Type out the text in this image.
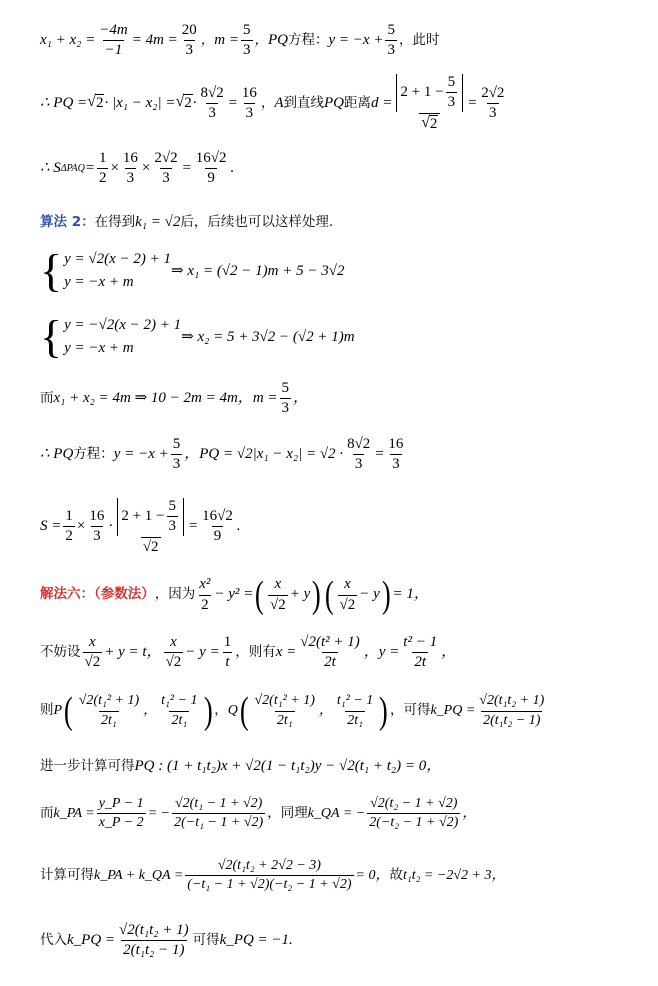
$x_1 + x_2 = \frac{-4m}{-1} = 4m = \frac{20}{3}$ ， $m = \frac{5}{3}$ ， PQ 方程： $y = -x + \frac{5}{3}$ ，此时
∴ PQ = √ 2 · |x₁ − x₂| = √ $2 \cdot \frac{8√2}{3} = \frac{16}{3}$ ， A 到直线 PQ 距离 $d = \frac{2 + 1 - \frac{5}{3}}{√ 2} = \frac{2√2}{3}$
∴ S $\Delta PAQ = \frac{1}{2} \times \frac{16}{3} \times \frac{2√2}{3} = \frac{16√2}{9}$ .
算法 2： 在得到 k₁ = √2 后，后续也可以这样处理.
{ y = √2(x − 2) + 1
y = −x + m
⇒ x₁ = (√2 − 1)m + 5 − 3√2
{ y = −√2(x − 2) + 1
y = −x + m
⇒ x₂ = 5 + 3√2 − (√2 + 1)m
而 x₁ + x₂ = 4m ⇒ 10 − 2m = 4m， $m = \frac{5}{3}$ ，
∴ PQ 方程： $y = -x + \frac{5}{3}$ ，PQ = $√2|x_1 - x_2| = √2 \cdot \frac{8√2}{3} = \frac{16}{3}$
$S = \frac{1}{2} \times \frac{16}{3} \cdot \frac{2 + 1 - \frac{5}{3}}{√2} = \frac{16√2}{9}$ .
解法六：（参数法） ，因为 $\frac{\text{x²}}{2} - y^2$ = ( $\frac{x}{√2} + y$ ) ( $\frac{x}{√2} - y$ ) = 1，
不妨设 $\frac{x}{√2} + y = t$， $\frac{x}{√2} - y = \frac{1}{t}$ ，则有 $x = \frac{\text{√2(t² + 1)}}{2t}$ ，$y = \frac{\text{t² − 1}}{2t}$ ，
则 P ( $\frac{\text{√2(t₁² + 1)}}{\text{2t₁}}$ ， $\frac{\text{t₁² − 1}}{\text{2t₁}}$ ) ， Q ( $\frac{\text{√2(t₁² + 1)}}{\text{2t₁}}$ ， $\frac{\text{t₁² − 1}}{\text{2t₁}}$ ) ，可得 k_PQ = $\frac{\text{√2(t₁t₂ + 1)}}{\text{2(t₁t₂ − 1)}}$
进一步计算可得 PQ : (1 + t₁t₂)x + √2(1 − t₁t₂)y − √2(t₁ + t₂) = 0，
而 k_PA = $\frac{y\_P - 1}{x\_P - 2}$ = − $\frac{\text{√2(t₁ − 1 + √2)}}{\text{2(−t₁ − 1 + √2)}}$ ，同理 k_QA = − $\frac{\text{√2(t₂ − 1 + √2)}}{\text{2(−t₂ − 1 + √2)}}$ ，
计算可得 k_PA + k_QA = $\frac{\text{√2(t₁t₂ + 2√2 − 3)}}{\text{(−t₁ − 1 + √2)(−t₂ − 1 + √2)}} = 0$， 故 t₁t₂ = −2√2 + 3，
代入 k_PQ = $\frac{\text{√2(t₁t₂ + 1)}}{\text{2(t₁t₂ − 1)}}$ 可得 k_PQ = −1.
